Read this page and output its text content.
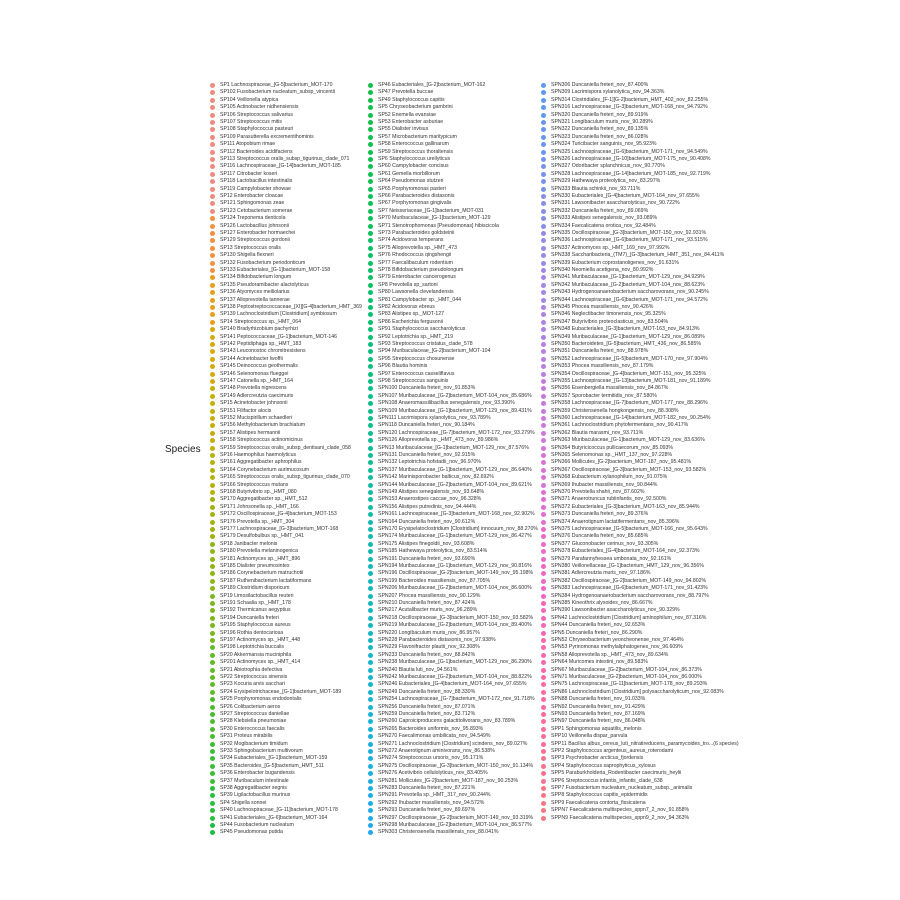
Species
SP1 Lachnospiraceae_[G-5]bacterium_MOT-170
SP102 Fusobacterium nucleatum_subsp_vincentii
SP104 Veillonella atypica
SP105 Actinobacter nidhensiensis
SP106 Streptococcus salivarius
SP107 Streptococcus mitis
SP108 Staphylococcus pasteuri
SP109 Parasutterella excrementihominis
SP111 Atopobium rimae
SP112 Bacteroides acidifaciens
SP113 Streptococcus oralis_subsp_tigurinus_clade_071
SP116 Lachnospiraceae_[G-14]bacterium_MOT-185
SP117 Citrobacter koseri
SP118 Lactobacillus intestinalis
SP119 Campylobacter showae
SP12 Enterobacter cloacae
SP121 Sphingomonas zeae
SP123 Cetobacterium somerae
SP124 Treponema denticola
SP126 Lactobacillus johnsonii
SP127 Enterobacter hormaechei
SP129 Streptococcus gordonii
SP13 Streptococcus oralis
SP130 Shigella flexneri
SP132 Fusobacterium periodonticum
SP133 Eubacteriales_[G-1]bacterium_MOT-158
SP134 Bifidobacterium longum
SP135 Pseudoramibacter alactolyticus
SP136 Atyomyces meiliolarius
SP137 Alloprevotella tannerae
SP138 Peptostreptococcaceae_[XI][G-4]bacterium_HMT_369
SP139 Lachnoclostridium [Clostridium] symbiosum
SP14 Streptococcus sp._HMT_064
SP140 Bradyrhizobium pachyrhizi
SP141 Peptococcaceae_[G-1]bacterium_MOT-146
SP142 Peptidiphaga sp._HMT_183
SP143 Leuconostoc chromitresistens
SP144 Acinetobacter lwoffii
SP145 Deinococcus geothermalis
SP146 Selenomonas flueggei
SP147 Catonella sp._HMT_164
SP148 Prevotella nigrescens
SP149 Adlercreutzia caecimuris
SP15 Acinetobacter johnsonii
SP151 Filifactor alocis
SP152 Mucispirillum schaedleri
SP156 Methylobacterium brachiatum
SP157 Alistipes hermannii
SP158 Streptococcus actinomicinus
SP159 Streptococcus oralis_subsp_dentisani_clade_058
SP16 Haemophilus haemolyticus
SP161 Aggregatibacter aphrophilus
SP164 Corynebacterium aurimucosum
SP165 Streptococcus oralis_subsp_tigurinus_clade_070
SP166 Streptococcus mutans
SP168 Butyrivibrio sp._HMT_080
SP170 Aggregatibacter sp._HMT_512
SP171 Johnsonella sp._HMT_166
SP172 Oscillospiraceae_[G-4]bacterium_MOT-153
SP176 Prevotella sp._HMT_304
SP177 Lachnospiraceae_[G-3]bacterium_MOT-168
SP179 Desulfobulbus sp._HMT_041
SP18 Janibacter melonis
SP180 Prevotella melaninogenica
SP181 Actinomyces sp._HMT_896
SP185 Dialister pneumosintes
SP186 Corynebacterium matruchotii
SP187 Ruthenibacterium lactatiformans
SP189 Clostridium disporicum
SP19 Limosilactobacillus reuteri
SP191 Schaalia sp._HMT_178
SP192 Thermicanus aegyptius
SP194 Duncaniella freteri
SP195 Staphylococcus aureus
SP196 Rothia dentocariosa
SP197 Actinomyces sp._HMT_448
SP198 Leptotrichia buccalis
SP20 Akkermansia muciniphila
SP201 Actinomyces sp._HMT_414
SP21 Abiotrophia defectiva
SP22 Streptococcus sinensis
SP23 Kocuria arvis sacchari
SP24 Erysipelotrichaceae_[G-1]bacterium_MOT-189
SP25 Porphyromonas endodontalis
SP26 Colibacterium aeros
SP27 Streptococcus daniellae
SP28 Klebsiella pneumoniae
SP30 Enterococcus faecalis
SP31 Proteus mirabilis
SP32 Mogibacterium timidum
SP33 Sphingobacterium multivorum
SP34 Eubacteriales_[G-1]bacterium_MOT-159
SP35 Bacteroides_[G-5]bacterium_HMT_511
SP36 Enterobacter bugandensis
SP37 Muribaculum intestinale
SP38 Aggregatibacter segnis
SP39 Ligilactobacillus murinus
SP4 Shigella sonnei
SP40 Lachnospiraceae_[G-11]bacterium_MOT-178
SP41 Eubacteriales_[G-6]bacterium_MOT-164
SP44 Fusobacterium nucleatum
SP45 Pseudomonas putida
SP46 Eubacteriales_[G-2]bacterium_MOT-162
SP47 Prevotella buccae
SP49 Staphylococcus capitis
SP5 Chryseobacterium gambrini
SP52 Enemella evansiae
SP53 Enterobacter asburiae
SP55 Dialister invisus
SP57 Microbacterium maritypicum
SP58 Enterococcus gallinarum
SP59 Streptococcus thoraltensis
SP6 Staphylococcus ureilyticus
SP60 Campylobacter concisus
SP61 Gemella morbillorum
SP64 Pseudomonas stutzeri
SP65 Porphyromonas pasteri
SP66 Parabacteroides distasonis
SP67 Porphyromonas gingivalis
SP7 Neisseriaceae_[G-1]bacterium_MOT-031
SP70 Muribaculaceae_[G-1]bacterium_MOT-129
SP71 Stenotrophomonas [Pseudomonas] hibiscicola
SP73 Parabacteroides goldsteinii
SP74 Acidovorax temperans
SP75 Alloprevotella sp._HMT_473
SP76 Rhodococcus qingshengii
SP77 Faecalibaculum rodentium
SP78 Bifidobacterium pseudolongum
SP79 Enterobacter cancerogenus
SP8 Prevotella sp_sartoni
SP80 Lawsonella clevelandensis
SP81 Campylobacter sp._HMT_044
SP82 Acidovorax ebreus
SP83 Alistipes sp._MOT-127
SP86 Escherichia fergusonii
SP91 Staphylococcus saccharolyticus
SP92 Leptotrichia sp._HMT_219
SP93 Streptococcus cristatus_clade_578
SP94 Muribaculaceae_[G-2]bacterium_MOT-104
SP95 Streptococcus chosunense
SP96 Blautia hominis
SP97 Enterococcus casseliflavus
SP98 Streptococcus sanguinis
SPN100 Duncaniella freteri_nov_91.853%
SPN107 Muribaculaceae_[G-2]bacterium_MOT-104_nov_85.686%
SPN108 Anaeromassilibacillus senegalensis_nov_93.390%
SPN109 Muribaculaceae_[G-1]bacterium_MOT-129_nov_89.431%
SPN111 Lacrimispora xylanolytica_nov_93.789%
SPN118 Duncaniella freteri_nov_90.184%
SPN120 Lachnospiraceae_[G-7]bacterium_MOT-172_nov_93.279%
SPN126 Alloprevotella sp._HMT_473_nov_89.986%
SPN13 Muribaculaceae_[G-1]bacterium_MOT-129_nov_87.576%
SPN131 Duncaniella freteri_nov_92.915%
SPN132 Leptotrichia hofstadii_nov_96.970%
SPN137 Muribaculaceae_[G-1]bacterium_MOT-129_nov_86.640%
SPN142 Marinisporobacter balticus_nov_82.692%
SPN144 Muribaculaceae_[G-2]bacterium_MOT-104_nov_89.621%
SPN149 Alistipes senegalensis_nov_93.648%
SPN153 Anaerostipes caccae_nov_96.328%
SPN156 Alistipes putredinis_nov_94.444%
SPN161 Lachnospiraceae_[G-3]bacterium_MOT-168_nov_92.902%
SPN164 Duncaniella freteri_nov_90.612%
SPN170 Erysipelatoclostridium [Clostridium] innocuum_nov_88.270%
SPN174 Muribaculaceae_[G-1]bacterium_MOT-129_nov_86.427%
SPN175 Alistipes finegoldii_nov_93.608%
SPN185 Hathewaya proteolytica_nov_83.514%
SPN191 Duncaniella freteri_nov_93.690%
SPN194 Muribaculaceae_[G-1]bacterium_MOT-129_nov_90.816%
SPN196 Oscillospiraceae_[G-2]bacterium_MOT-149_nov_95.198%
SPN199 Bacteroides massiliensis_nov_87.705%
SPN206 Muribaculaceae_[G-2]bacterium_MOT-104_nov_86.600%
SPN207 Phocea massiliensis_nov_90.129%
SPN210 Duncaniella freteri_nov_87.424%
SPN217 Acutalibacter muris_nov_96.289%
SPN218 Oscillospiraceae_[G-3]bacterium_MOT-150_nov_93.582%
SPN219 Muribaculaceae_[G-2]bacterium_MOT-104_nov_89.400%
SPN220 Longibaculum muris_nov_86.957%
SPN228 Parabacteroides distasonis_nov_97.938%
SPN229 Flavonifractor plautii_nov_92.308%
SPN233 Duncaniella freteri_nov_88.842%
SPN238 Muribaculaceae_[G-1]bacterium_MOT-129_nov_86.290%
SPN240 Blautia luti_nov_94.561%
SPN242 Muribaculaceae_[G-2]bacterium_MOT-104_nov_88.822%
SPN246 Eubacteriales_[G-4]bacterium_MOT-164_nov_97.655%
SPN249 Duncaniella freteri_nov_88.330%
SPN254 Lachnospiraceae_[G-7]bacterium_MOT-172_nov_91.718%
SPN256 Duncaniella freteri_nov_87.071%
SPN259 Duncaniella freteri_nov_83.712%
SPN260 Caproiciproducens galactitolivorans_nov_83.789%
SPN265 Bacteroides uniformis_nov_95.893%
SPN270 Faecalimonas umbilicata_nov_94.549%
SPN271 Lachnoclostridium [Clostridium] scindens_nov_89.027%
SPN272 Anaerotignum aminivorans_nov_86.538%
SPN274 Streptococcus ursoris_nov_95.171%
SPN275 Oscillospiraceae_[G-3]bacterium_MOT-150_nov_91.134%
SPN276 Acetivibrio cellulolyticus_nov_83.405%
SPN281 Mollicutes_[G-2]bacterium_MOT-187_nov_90.253%
SPN283 Duncaniella freteri_nov_87.221%
SPN291 Prevotella sp._HMT_317_nov_90.244%
SPN292 Ihubacter massiliensis_nov_94.572%
SPN293 Duncaniella freteri_nov_89.697%
SPN297 Oscillospiraceae_[G-2]bacterium_MOT-149_nov_93.319%
SPN298 Muribaculaceae_[G-2]bacterium_MOT-104_nov_86.577%
SPN303 Christensenella massiliensis_nov_88.041%
SPN306 Duncaniella freteri_nov_87.400%
SPN309 Lacrimispora xylanolytica_nov_94.363%
SPN314 Clostridiales_[F-1][G-2]bacterium_HMT_402_nov_82.255%
SPN316 Lachnospiraceae_[G-3]bacterium_MOT-168_nov_94.792%
SPN320 Duncaniella freteri_nov_89.919%
SPN321 Longibaculum muris_nov_90.289%
SPN322 Duncaniella freteri_nov_89.135%
SPN323 Duncaniella freteri_nov_86.028%
SPN324 Turicibacter sanguinis_nov_95.923%
SPN325 Lachnospiraceae_[G-6]bacterium_MOT-171_nov_94.549%
SPN326 Lachnospiraceae_[G-10]bacterium_MOT-175_nov_90.408%
SPN327 Odoribacter splanchnicus_nov_90.770%
SPN328 Lachnospiraceae_[G-14]bacterium_MOT-185_nov_92.719%
SPN329 Hathewaya proteolytica_nov_83.297%
SPN333 Blautia schinkii_nov_93.711%
SPN330 Eubacteriales_[G-4]bacterium_MOT-164_nov_97.655%
SPN331 Lawsonibacter asaccharolyticus_nov_90.722%
SPN332 Duncaniella freteri_nov_89.069%
SPN333 Alistipes senegalensis_nov_93.089%
SPN334 Faecalicatena orotica_nov_92.484%
SPN335 Oscillospiraceae_[G-3]bacterium_MOT-150_nov_92.931%
SPN336 Lachnospiraceae_[G-6]bacterium_MOT-171_nov_93.515%
SPN337 Actinomyces sp._HMT_169_nov_97.992%
SPN338 Saccharibacteria_(TM7)_[G-3]bacterium_HMT_351_nov_84.411%
SPN339 Eubacterium coprostanoligenes_nov_91.631%
SPN340 Neomiella acetigena_nov_80.992%
SPN341 Muribaculaceae_[G-1]bacterium_MOT-129_nov_84.929%
SPN342 Muribaculaceae_[G-2]bacterium_MOT-104_nov_88.623%
SPN343 Hydrogenoanaerobacterium saccharovorans_nov_90.245%
SPN344 Lachnospiraceae_[G-6]bacterium_MOT-171_nov_94.572%
SPN345 Phocea massiliensis_nov_90.426%
SPN346 Neglectibacter timonensis_nov_95.325%
SPN347 Butyrivibrio proteoclasticus_nov_83.504%
SPN348 Eubacteriales_[G-3]bacterium_MOT-163_nov_84.913%
SPN349 Muribaculaceae_[G-1]bacterium_MOT-129_nov_86.089%
SPN350 Bacteroidetes_[G-5]bacterium_HMT_436_nov_86.585%
SPN351 Duncaniella freteri_nov_88.978%
SPN352 Lachnospiraceae_[G-5]bacterium_MOT-170_nov_97.904%
SPN353 Phocea massiliensis_nov_87.179%
SPN354 Oscillospiraceae_[G-4]bacterium_MOT-151_nov_95.325%
SPN355 Lachnospiraceae_[G-13]bacterium_MOT-181_nov_91.189%
SPN356 Eisenbergiella massiliensis_nov_84.867%
SPN357 Sporobacter termitidis_nov_87.580%
SPN358 Lachnospiraceae_[G-7]bacterium_MOT-177_nov_88.296%
SPN359 Christensenella hongkongensis_nov_88.308%
SPN360 Lachnospiraceae_[G-14]bacterium_MOT-182_nov_90.254%
SPN361 Lachnoclostridium phytofermentans_nov_90.417%
SPN362 Blautia marasmi_nov_93.711%
SPN363 Muribaculaceae_[G-1]bacterium_MOT-129_nov_83.636%
SPN364 Butyricicoccus pullicaecorum_nov_85.093%
SPN365 Selenomonas sp._HMT_137_nov_97.228%
SPN366 Mollicutes_[G-2]bacterium_MOT-187_nov_95.481%
SPN367 Oscillospiraceae_[G-3]bacterium_MOT-153_nov_93.582%
SPN368 Eubacterium xylanophilum_nov_91.075%
SPN369 Ihubacter massiliensis_nov_90.844%
SPN370 Prevotella shahii_nov_87.602%
SPN371 Anaerotruncus rubiinfantis_nov_92.500%
SPN372 Eubacteriales_[G-3]bacterium_MOT-163_nov_85.944%
SPN373 Duncaniella freteri_nov_89.376%
SPN374 Anaerotignum lactatifermentans_nov_85.396%
SPN375 Lachnospiraceae_[G-5]bacterium_MOT-166_nov_95.643%
SPN376 Duncaniella freteri_nov_85.685%
SPN377 Gluconobacter cerinus_nov_93.305%
SPN378 Eubacteriales_[G-4]bacterium_MOT-164_nov_92.373%
SPN379 Parafannyhessea umbonata_nov_92.161%
SPN380 Veillonellaceae_[G-1]bacterium_HMT_129_nov_96.356%
SPN381 Adlercreutzia muris_nov_97.186%
SPN382 Oscillospiraceae_[G-2]bacterium_MOT-149_nov_94.802%
SPN383 Lachnospiraceae_[G-6]bacterium_MOT-171_nov_91.423%
SPN384 Hydrogenoanaerobacterium saccharovorans_nov_88.797%
SPN385 Kineothrix alysoides_nov_86.667%
SPN390 Lawsonibacter asaccharolyticus_nov_90.329%
SPN42 Lachnoclostridium [Clostridium] aminophilum_nov_87.316%
SPN44 Duncaniella freteri_nov_92.653%
SPN5 Duncaniella freteri_nov_86.290%
SPN52 Chryseobacterium yeoncheonense_nov_97.464%
SPN53 Pyrinomonas methylaliphatogenes_nov_96.609%
SPN58 Alloprevotella sp._HMT_473_nov_89.634%
SPN64 Muricomes intestini_nov_89.583%
SPN67 Muribaculaceae_[G-2]bacterium_MOT-104_nov_86.373%
SPN71 Muribaculaceae_[G-2]bacterium_MOT-104_nov_86.000%
SPN75 Lachnospiraceae_[G-11]bacterium_MOT-178_nov_89.293%
SPN86 Lachnoclostridium [Clostridium] polysaccharolyticum_nov_92.083%
SPN88 Duncaniella freteri_nov_91.033%
SPN92 Duncaniella freteri_nov_91.429%
SPN93 Duncaniella freteri_nov_87.169%
SPN97 Duncaniella freteri_nov_86.048%
SPP1 Sphingomonas aquatilis_melonis
SPP10 Veillonella dispar_parvula
SPP11 Bacillus albus_cereus_luti_nitratireducens_paramycoides_tro...(6 species)
SPP2 Staphylococcus argenteus_aureus_roterodami
SPP3 Psychrobacter arcticus_fjordensis
SPP4 Staphylococcus saprophyticus_xylosus
SPP5 Paraburkholderia_Rodentibacter caecimuris_heylii
SPP6 Streptococcus infantis_infantis_clade_638
SPP7 Fusobacterium nucleatum_nucleatum_subsp._animalis
SPP8 Staphylococcus capitis_epidermidis
SPP9 Faecalicatena contorta_fissicatena
SPPN7 Faecalicatena multispecies_sppn7_2_nov_91.858%
SPPN9 Faecalicatena multispecies_sppn9_2_nov_94.363%
